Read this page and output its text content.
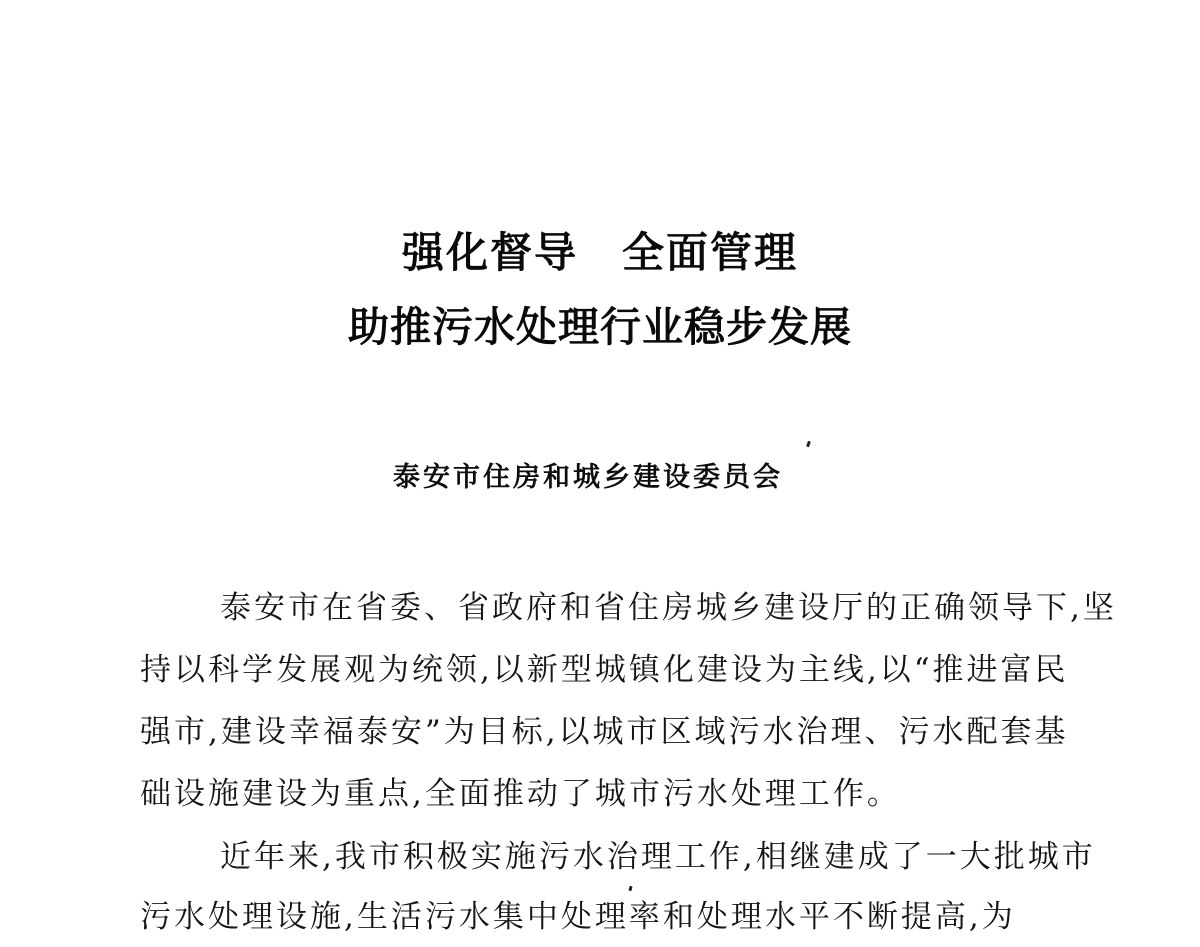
强化督导　全面管理
助推污水处理行业稳步发展
泰安市住房和城乡建设委员会
泰安市在省委、省政府和省住房城乡建设厅的正确领导下,坚
持以科学发展观为统领,以新型城镇化建设为主线,以“推进富民
强市,建设幸福泰安”为目标,以城市区域污水治理、污水配套基
础设施建设为重点,全面推动了城市污水处理工作。
近年来,我市积极实施污水治理工作,相继建成了一大批城市
污水处理设施,生活污水集中处理率和处理水平不断提高,为
